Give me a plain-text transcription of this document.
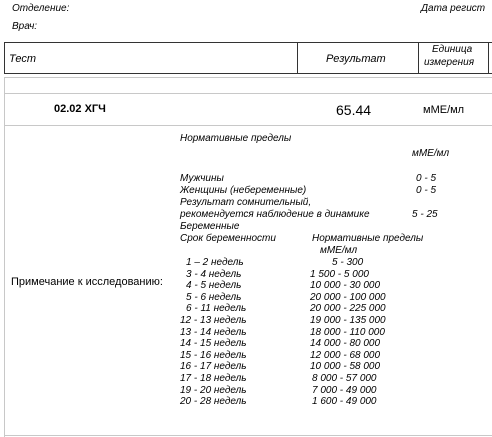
Отделение:	Дата регист
Врач:
Тест	Результат
Единица
измерения
02.02 ХГЧ	65.44	мМЕ/мл
Примечание к исследованию:
Нормативные пределы
мМЕ/мл
Мужчины	0 - 5
Женщины (небеременные)	0 - 5
Результат сомнительный,
рекомендуется наблюдение в динамике	5 - 25
Беременные
Срок беременности	Нормативные пределы
мМЕ/мл
1 – 2 недель	5 - 300
3 - 4 недель	1 500 - 5 000
4 - 5 недель	10 000 - 30 000
5 - 6 недель	20 000 - 100 000
6 - 11 недель	20 000 - 225 000
12 - 13 недель	19 000 - 135 000
13 - 14 недель	18 000 - 110 000
14 - 15 недель	14 000 - 80 000
15 - 16 недель	12 000 - 68 000
16 - 17 недель	10 000 - 58 000
17 - 18 недель	8 000 - 57 000
19 - 20 недель	7 000 - 49 000
20 - 28 недель	1 600 - 49 000
